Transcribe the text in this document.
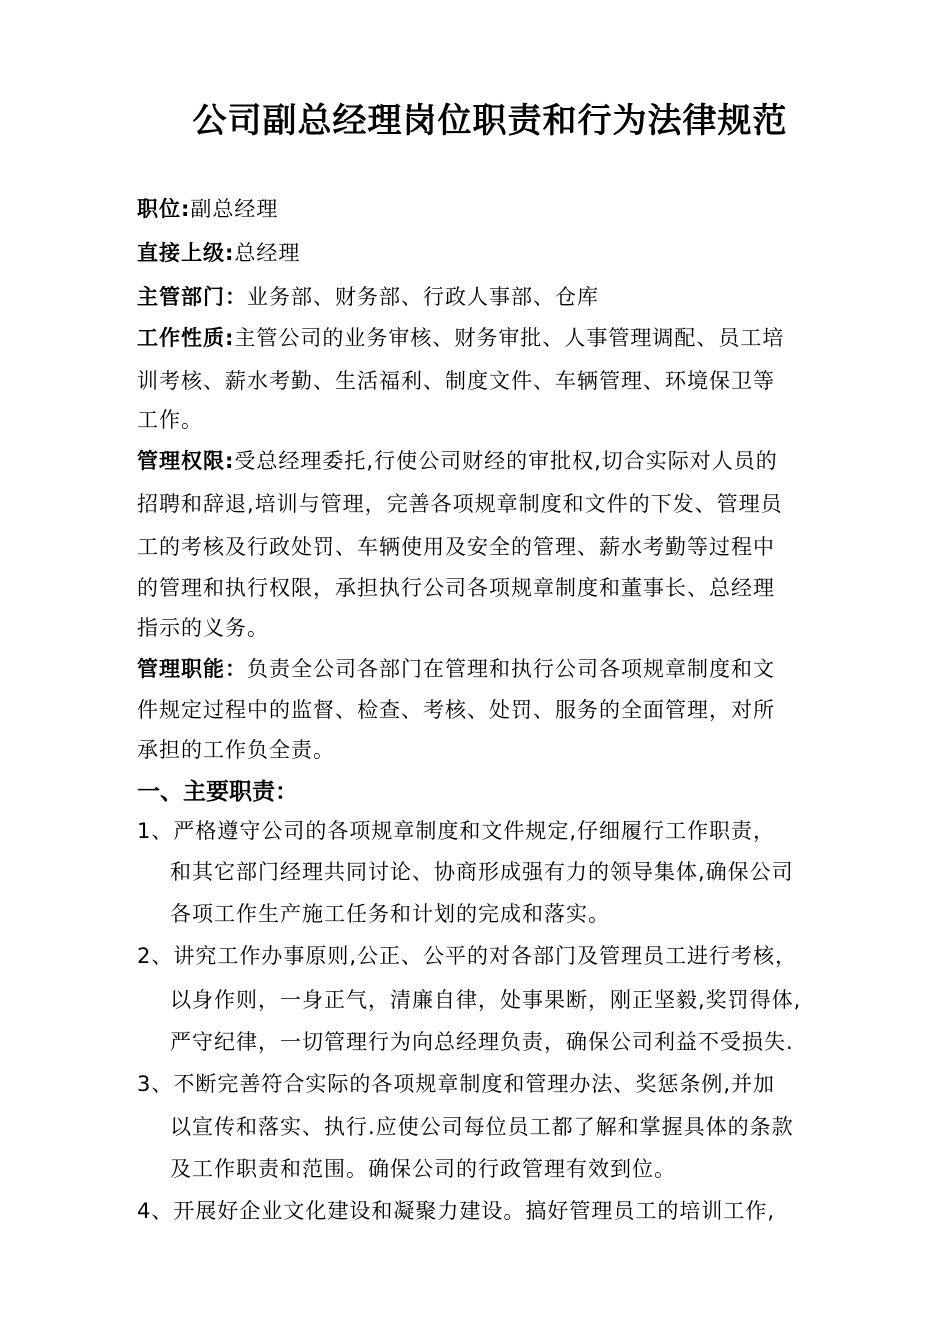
公司副总经理岗位职责和行为法律规范
职位:副总经理
直接上级:总经理
主管部门：业务部、财务部、行政人事部、仓库
工作性质:主管公司的业务审核、财务审批、人事管理调配、员工培
训考核、薪水考勤、生活福利、制度文件、车辆管理、环境保卫等
工作。
管理权限:受总经理委托,行使公司财经的审批权,切合实际对人员的
招聘和辞退,培训与管理，完善各项规章制度和文件的下发、管理员
工的考核及行政处罚、车辆使用及安全的管理、薪水考勤等过程中
的管理和执行权限，承担执行公司各项规章制度和董事长、总经理
指示的义务。
管理职能：负责全公司各部门在管理和执行公司各项规章制度和文
件规定过程中的监督、检查、考核、处罚、服务的全面管理，对所
承担的工作负全责。
一、主要职责：
1、严格遵守公司的各项规章制度和文件规定,仔细履行工作职责，
和其它部门经理共同讨论、协商形成强有力的领导集体,确保公司
各项工作生产施工任务和计划的完成和落实。
2、讲究工作办事原则,公正、公平的对各部门及管理员工进行考核，
以身作则，一身正气，清廉自律，处事果断，刚正坚毅,奖罚得体,
严守纪律，一切管理行为向总经理负责，确保公司利益不受损失.
3、不断完善符合实际的各项规章制度和管理办法、奖惩条例,并加
以宣传和落实、执行.应使公司每位员工都了解和掌握具体的条款
及工作职责和范围。确保公司的行政管理有效到位。
4、开展好企业文化建设和凝聚力建设。搞好管理员工的培训工作,
